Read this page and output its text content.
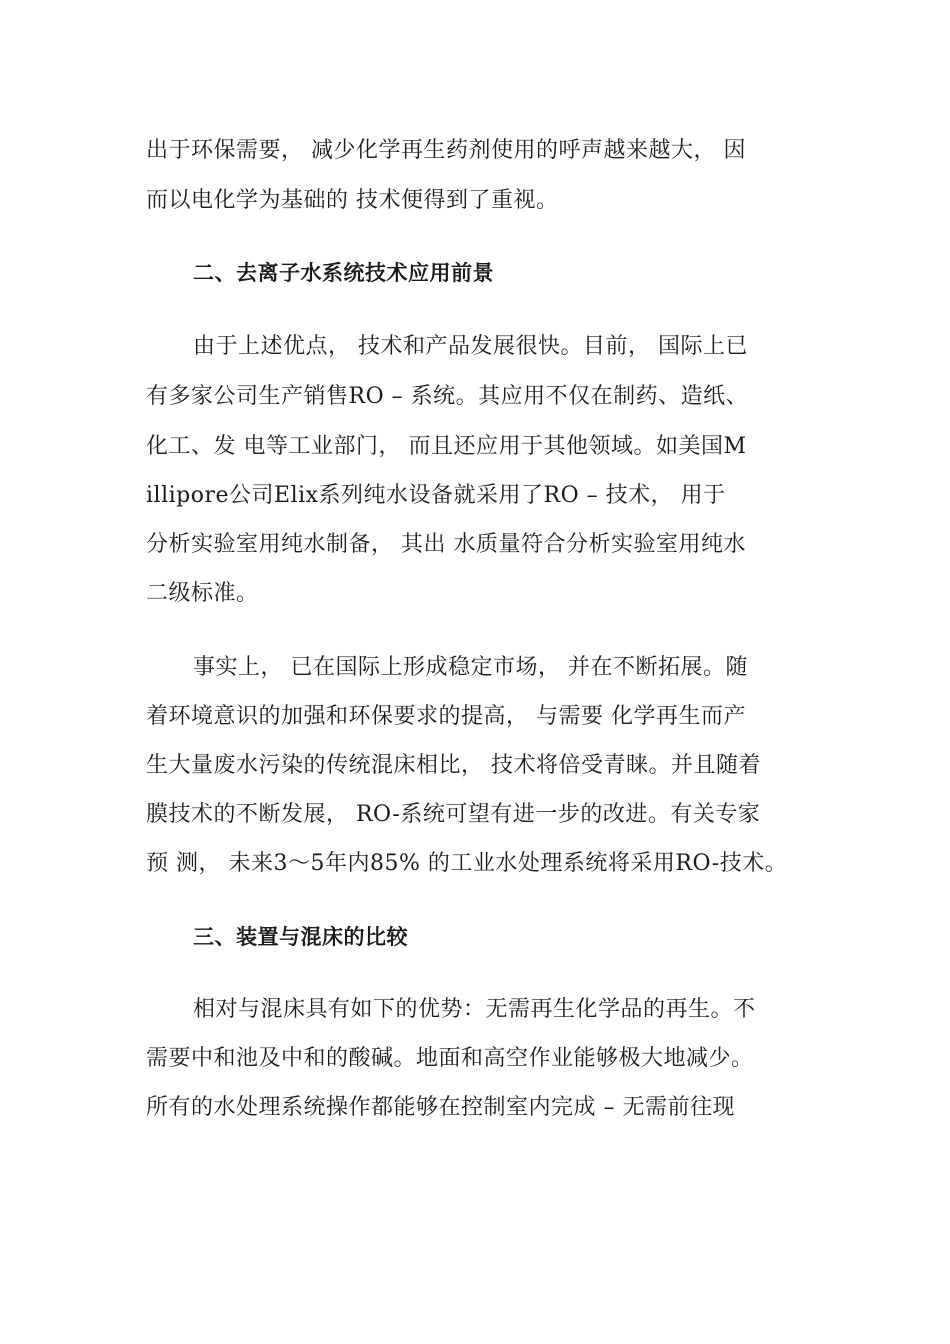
出于环保需要， 减少化学再生药剂使用的呼声越来越大， 因
而以电化学为基础的 技术便得到了重视。
二、去离子水系统技术应用前景
由于上述优点， 技术和产品发展很快。目前， 国际上已
有多家公司生产销售RO – 系统。其应用不仅在制药、造纸、
化工、发 电等工业部门， 而且还应用于其他领域。如美国M
illipore公司Elix系列纯水设备就采用了RO – 技术， 用于
分析实验室用纯水制备， 其出 水质量符合分析实验室用纯水
二级标准。
事实上， 已在国际上形成稳定市场， 并在不断拓展。随
着环境意识的加强和环保要求的提高， 与需要 化学再生而产
生大量废水污染的传统混床相比， 技术将倍受青睐。并且随着
膜技术的不断发展， RO-系统可望有进一步的改进。有关专家
预 测， 未来3～5年内85% 的工业水处理系统将采用RO-技术。
三、装置与混床的比较
相对与混床具有如下的优势：无需再生化学品的再生。不
需要中和池及中和的酸碱。地面和高空作业能够极大地减少。
所有的水处理系统操作都能够在控制室内完成 – 无需前往现
